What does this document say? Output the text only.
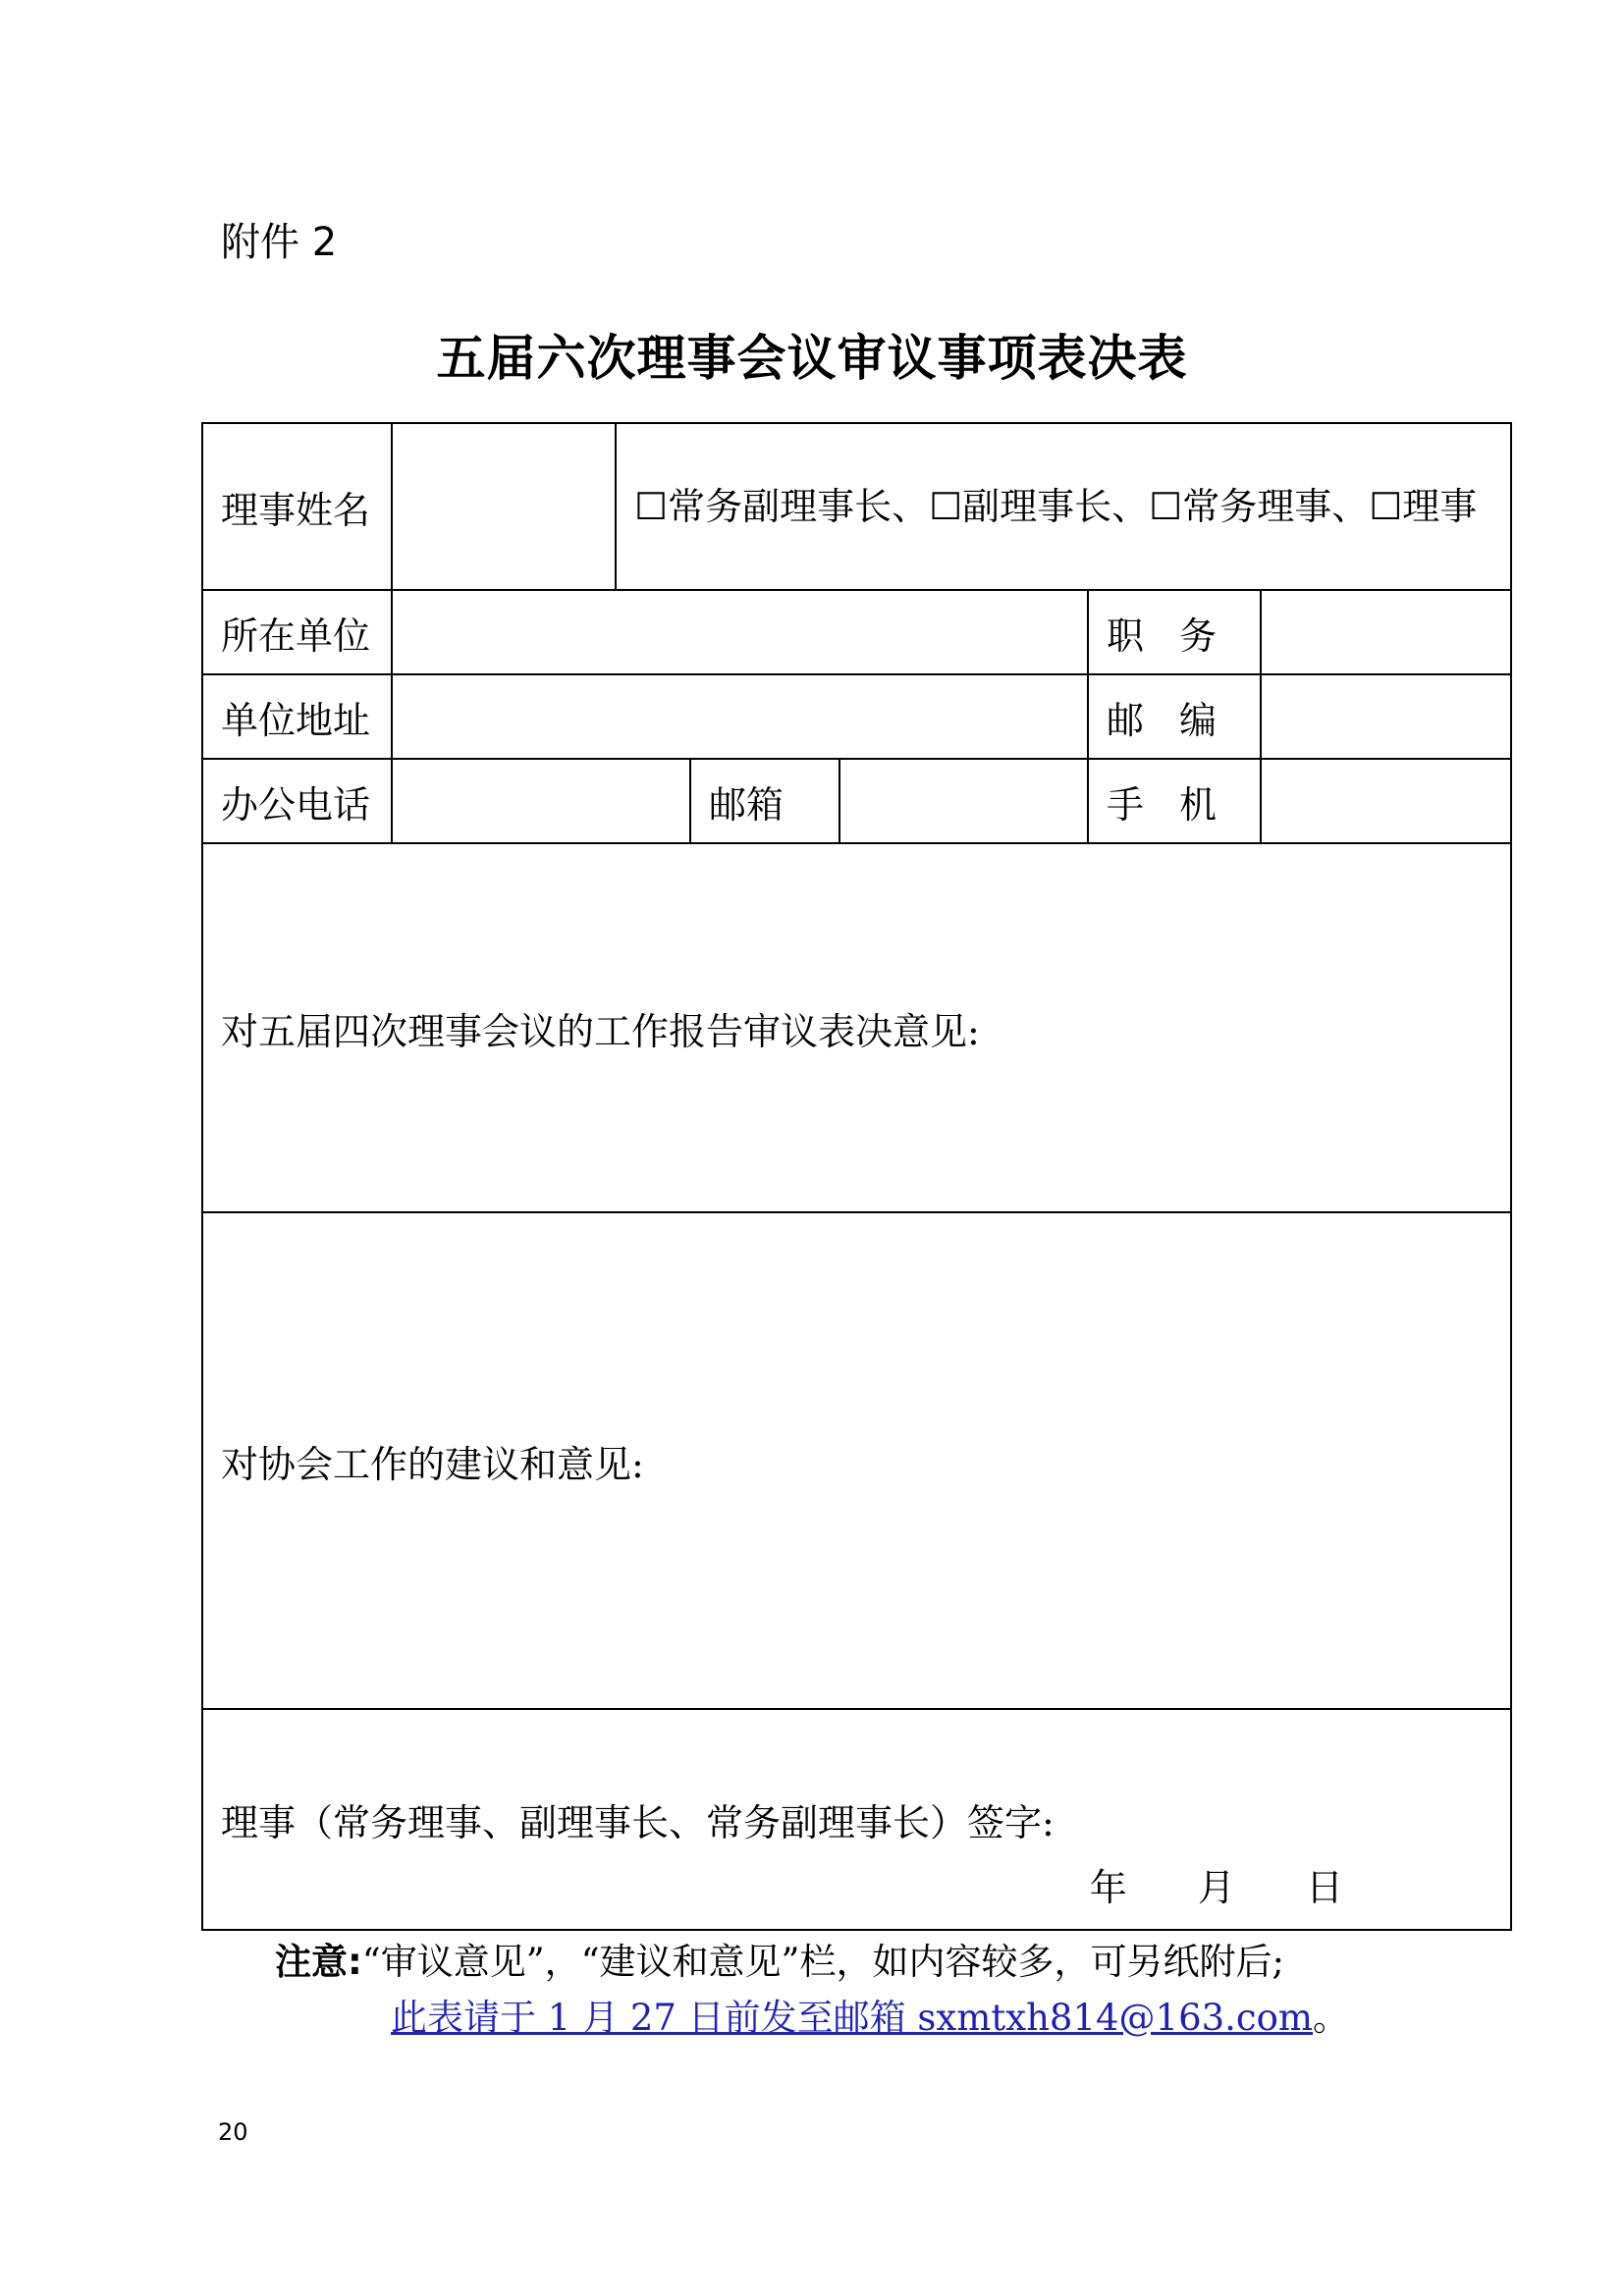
附件 2
五届六次理事会议审议事项表决表
理事姓名		☐常务副理事长、☐副理事长、☐常务理事、☐理事				
所在单位					职务	
单位地址					邮编	
办公电话			邮箱		手机	
对五届四次理事会议的工作报告审议表决意见:						
对协会工作的建议和意见:						
理事（常务理事、副理事长、常务副理事长）签字:
年 月 日						
注意:“审议意见”，“建议和意见”栏，如内容较多，可另纸附后;
此表请于 1 月 27 日前发至邮箱 sxmtxh814@163.com。
20
